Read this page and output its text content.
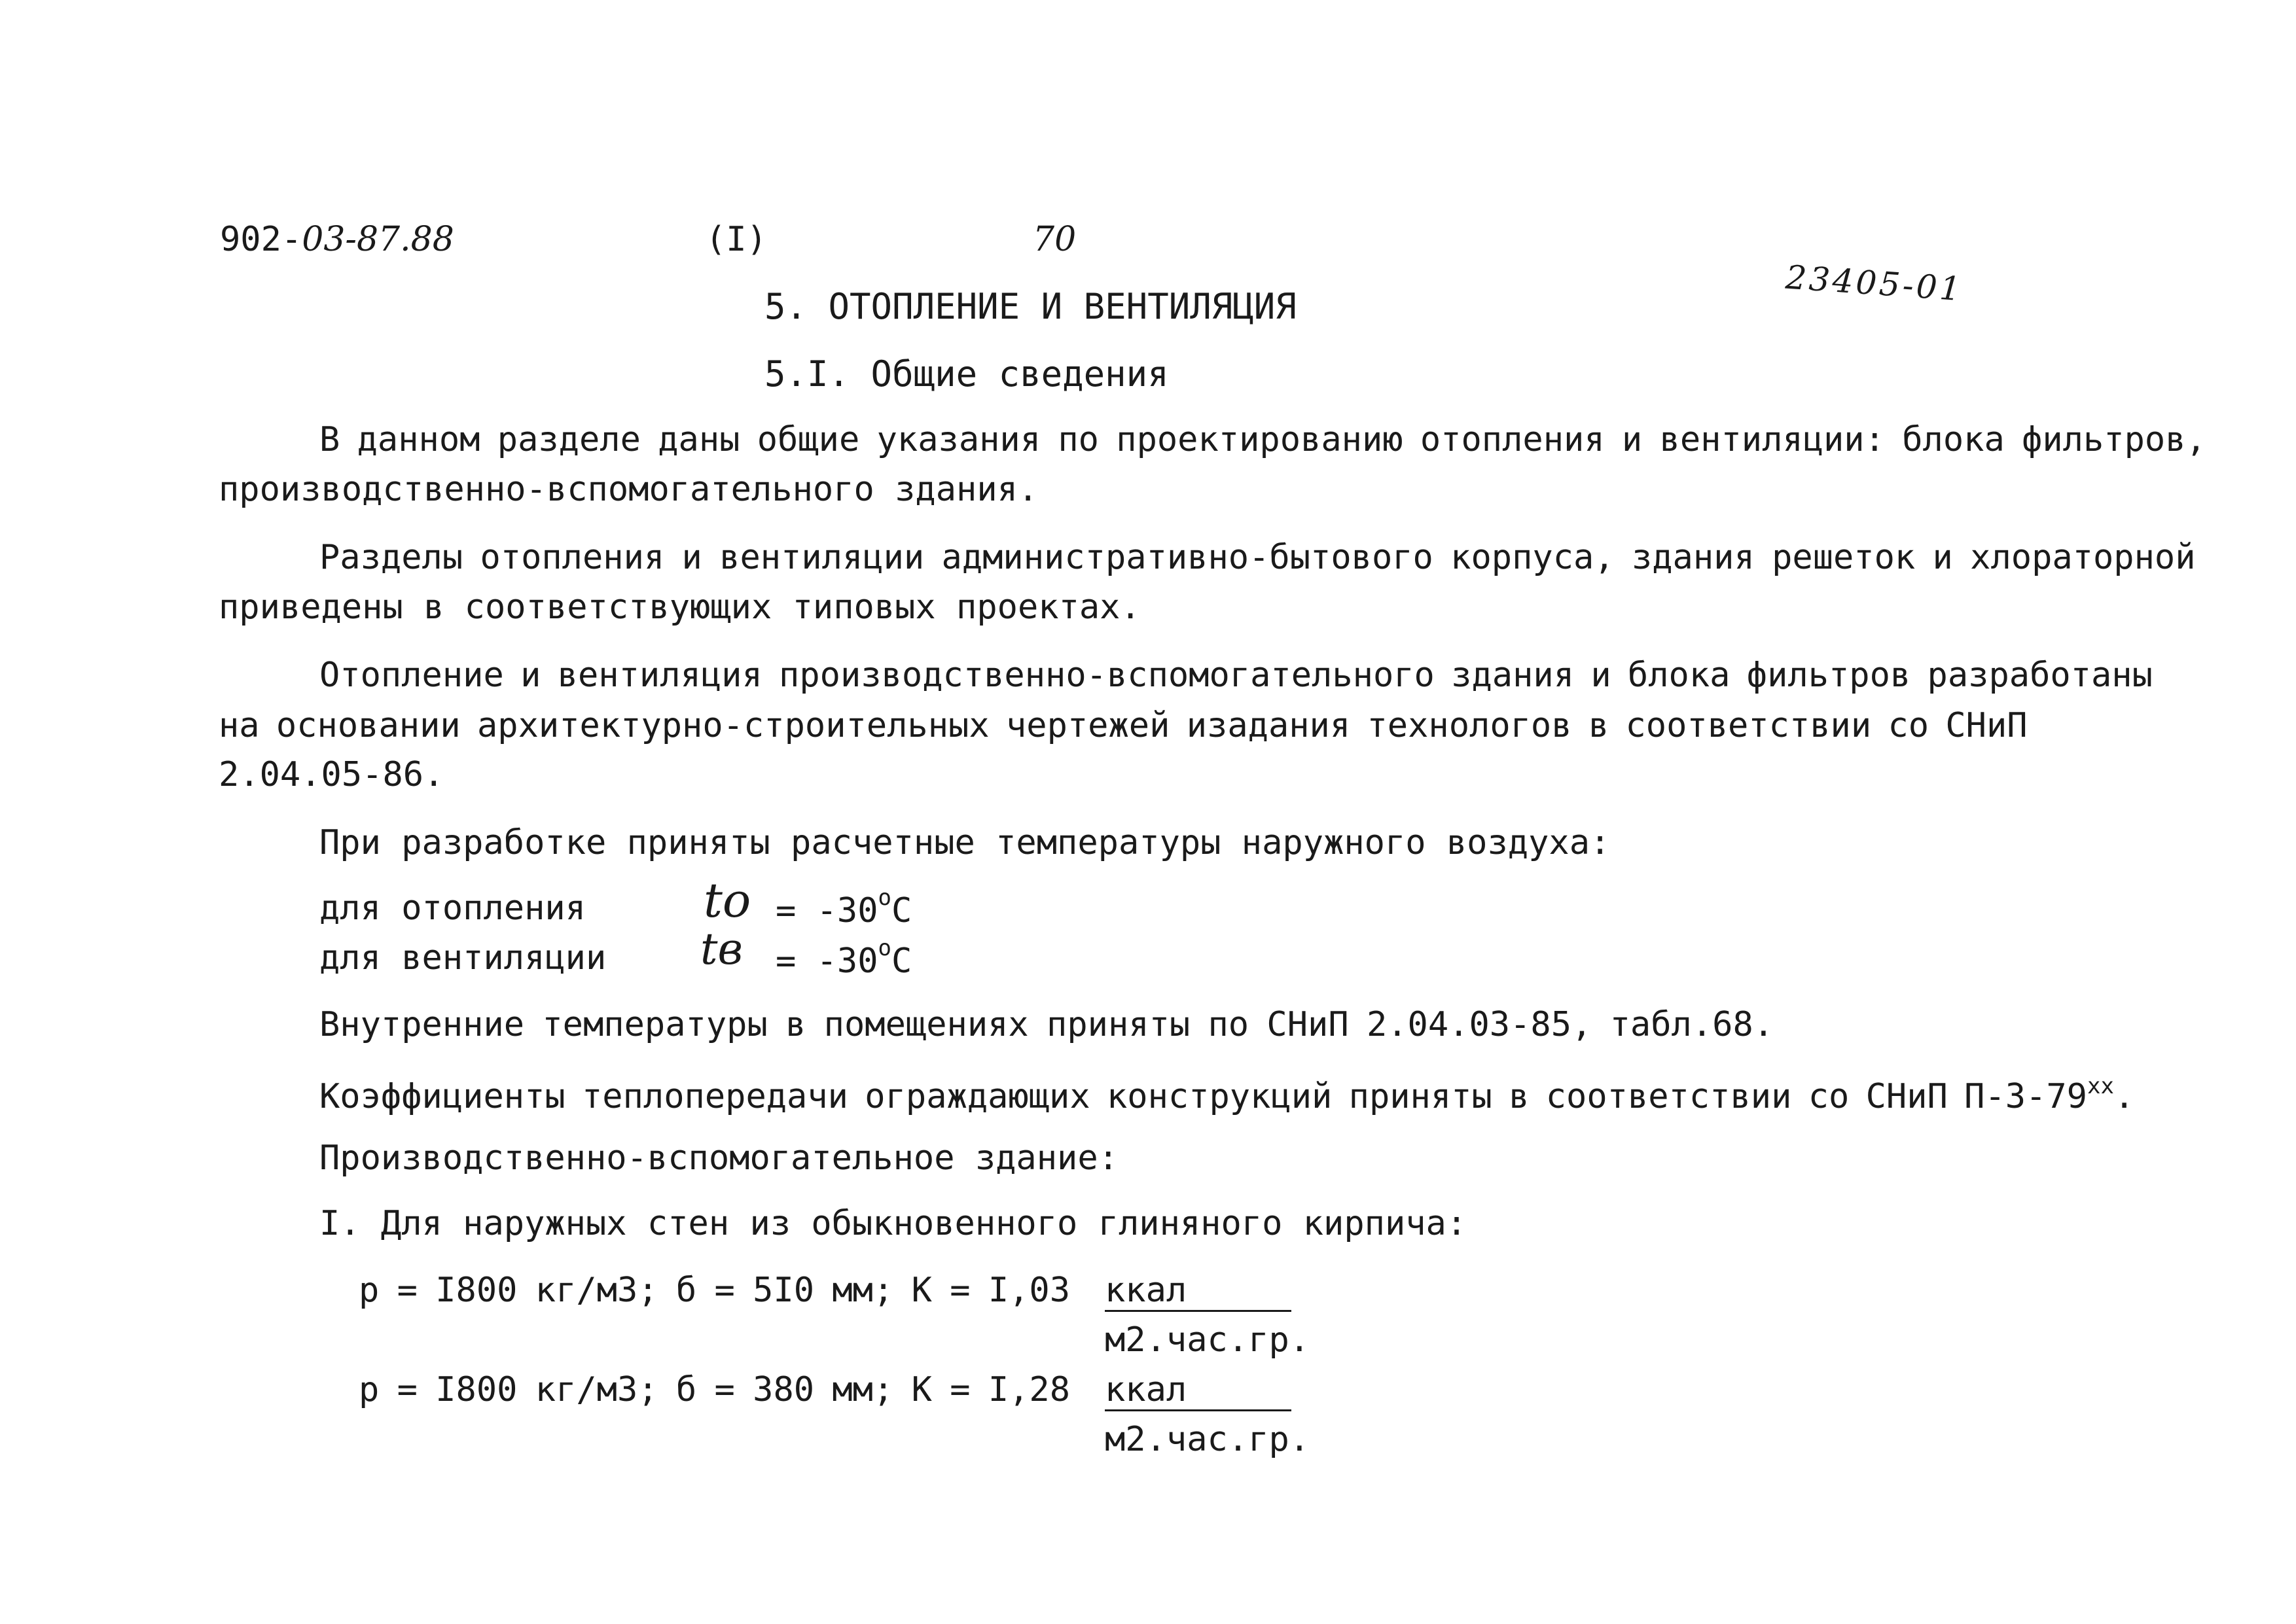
902-03-87.88	(I)	70
23405-01
5. ОТОПЛЕНИЕ И ВЕНТИЛЯЦИЯ
5.I. Общие сведения
В данном разделе даны общие указания по проектированию отопления и вентиляции: блока фильтров,
производственно-вспомогательного здания.
Разделы отопления и вентиляции административно-бытового корпуса, здания решеток и хлораторной
приведены в соответствующих типовых проектах.
Отопление и вентиляция производственно-вспомогательного здания и блока фильтров разработаны
на основании архитектурно-строительных чертежей изадания технологов в соответствии со СНиП
2.04.05-86.
При разработке приняты расчетные температуры наружного воздуха:
для отопления	to = $-30^оС$
для вентиляции tв = $-30^оС$
Внутренние температуры в помещениях приняты по СНиП 2.04.03-85, табл.68.
Коэффициенты теплопередачи ограждающих конструкций приняты в соответствии со СНиП П-3-79$^{xx}$.
Производственно-вспомогательное здание:
I. Для наружных стен из обыкновенного глиняного кирпича:
р = I800 кг/м3; б = 5I0 мм; К = I,03 ккал
м2.час.гр.
р = I800 кг/м3; б = 380 мм; К = I,28 ккал
м2.час.гр.
